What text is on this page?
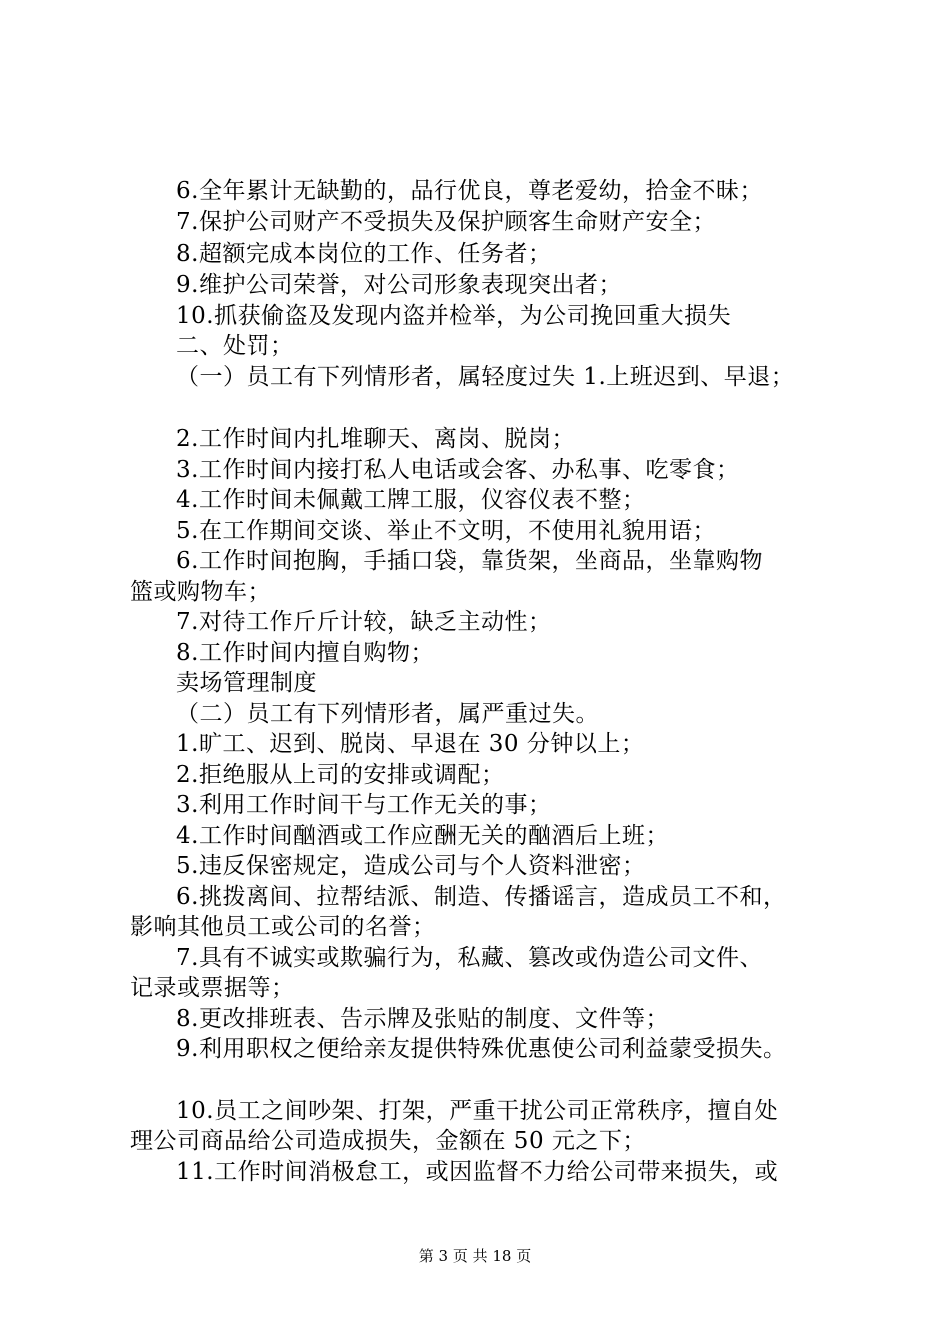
6.全年累计无缺勤的，品行优良，尊老爱幼，拾金不昧；
7.保护公司财产不受损失及保护顾客生命财产安全；
8.超额完成本岗位的工作、任务者；
9.维护公司荣誉，对公司形象表现突出者；
10.抓获偷盗及发现内盗并检举，为公司挽回重大损失
二、处罚；
（一）员工有下列情形者，属轻度过失 1.上班迟到、早退；
2.工作时间内扎堆聊天、离岗、脱岗；
3.工作时间内接打私人电话或会客、办私事、吃零食；
4.工作时间未佩戴工牌工服，仪容仪表不整；
5.在工作期间交谈、举止不文明，不使用礼貌用语；
6.工作时间抱胸，手插口袋，靠货架，坐商品，坐靠购物
篮或购物车；
7.对待工作斤斤计较，缺乏主动性；
8.工作时间内擅自购物；
卖场管理制度
（二）员工有下列情形者，属严重过失。
1.旷工、迟到、脱岗、早退在 30 分钟以上；
2.拒绝服从上司的安排或调配；
3.利用工作时间干与工作无关的事；
4.工作时间酗酒或工作应酬无关的酗酒后上班；
5.违反保密规定，造成公司与个人资料泄密；
6.挑拨离间、拉帮结派、制造、传播谣言，造成员工不和，
影响其他员工或公司的名誉；
7.具有不诚实或欺骗行为，私藏、篡改或伪造公司文件、
记录或票据等；
8.更改排班表、告示牌及张贴的制度、文件等；
9.利用职权之便给亲友提供特殊优惠使公司利益蒙受损失。
10.员工之间吵架、打架，严重干扰公司正常秩序，擅自处
理公司商品给公司造成损失，金额在 50 元之下；
11.工作时间消极怠工，或因监督不力给公司带来损失，或
第 3 页 共 18 页
